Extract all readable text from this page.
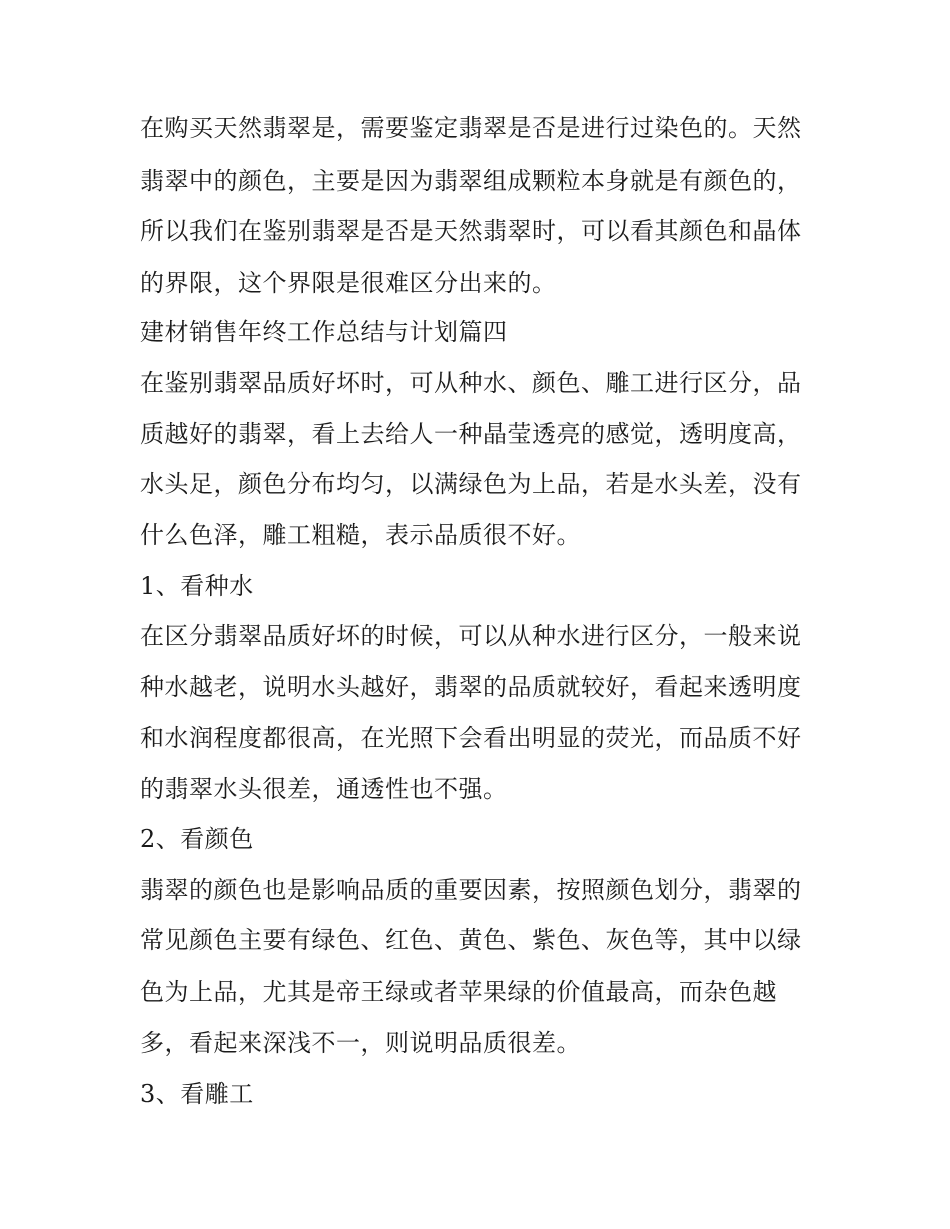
在购买天然翡翠是，需要鉴定翡翠是否是进行过染色的。天然

翡翠中的颜色，主要是因为翡翠组成颗粒本身就是有颜色的，

所以我们在鉴别翡翠是否是天然翡翠时，可以看其颜色和晶体

的界限，这个界限是很难区分出来的。

建材销售年终工作总结与计划篇四

在鉴别翡翠品质好坏时，可从种水、颜色、雕工进行区分，品

质越好的翡翠，看上去给人一种晶莹透亮的感觉，透明度高，

水头足，颜色分布均匀，以满绿色为上品，若是水头差，没有

什么色泽，雕工粗糙，表示品质很不好。

1、看种水

在区分翡翠品质好坏的时候，可以从种水进行区分，一般来说

种水越老，说明水头越好，翡翠的品质就较好，看起来透明度

和水润程度都很高，在光照下会看出明显的荧光，而品质不好

的翡翠水头很差，通透性也不强。

2、看颜色

翡翠的颜色也是影响品质的重要因素，按照颜色划分，翡翠的

常见颜色主要有绿色、红色、黄色、紫色、灰色等，其中以绿

色为上品，尤其是帝王绿或者苹果绿的价值最高，而杂色越

多，看起来深浅不一，则说明品质很差。

3、看雕工
